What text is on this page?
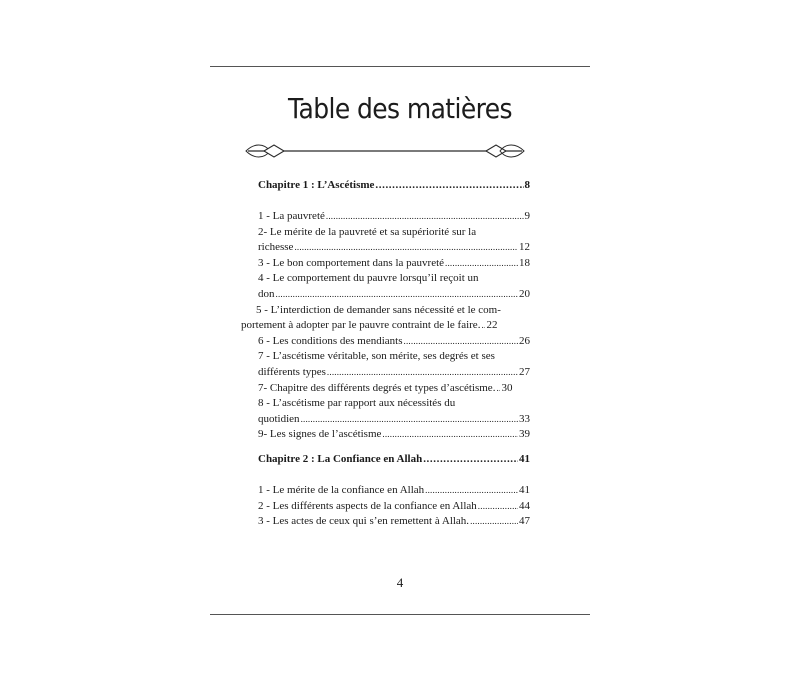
Table des matières
Chapitre 1 : L’Ascétisme .....	8
1 - La pauvreté .....	9
2- Le mérite de la pauvreté et sa supériorité sur la
richesse .....	12
3 - Le bon comportement dans la pauvreté .....	18
4 - Le comportement du pauvre lorsqu’il reçoit un
don .....	20
5 - L’interdiction de demander sans nécessité et le com-
portement à adopter par le pauvre contraint de le faire. ..... 22
6 - Les conditions des mendiants .....	26
7 - L’ascétisme véritable, son mérite, ses degrés et ses
différents types .....	27
7- Chapitre des différents degrés et types d’ascétisme. ..... 30
8 - L’ascétisme par rapport aux nécessités du
quotidien .....	33
9- Les signes de l’ascétisme .....	39
Chapitre 2 : La Confiance en Allah .....	41
1 - Le mérite de la confiance en Allah .....	41
2 - Les différents aspects de la confiance en Allah .....	44
3 - Les actes de ceux qui s’en remettent à Allah. .....	47
4
